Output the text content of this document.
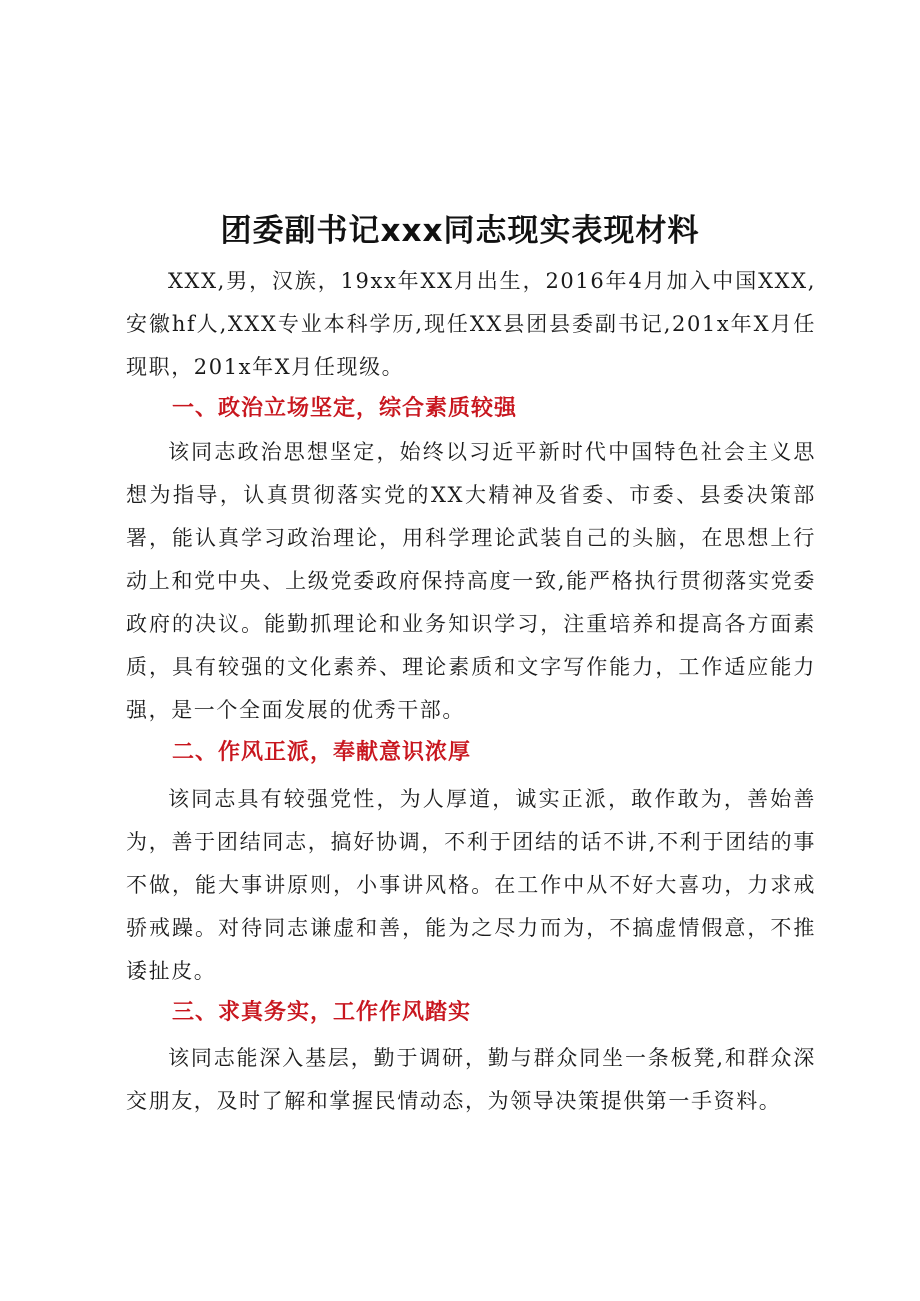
团委副书记xxx同志现实表现材料

XXX,男，汉族，19xx年XX月出生，2016年4月加入中国XXX,安徽hf人,XXX专业本科学历,现任XX县团县委副书记,201x年X月任现职，201x年X月任现级。

一、政治立场坚定，综合素质较强

该同志政治思想坚定，始终以习近平新时代中国特色社会主义思想为指导，认真贯彻落实党的XX大精神及省委、市委、县委决策部署，能认真学习政治理论，用科学理论武装自己的头脑，在思想上行动上和党中央、上级党委政府保持高度一致,能严格执行贯彻落实党委政府的决议。能勤抓理论和业务知识学习，注重培养和提高各方面素质，具有较强的文化素养、理论素质和文字写作能力，工作适应能力强，是一个全面发展的优秀干部。

二、作风正派，奉献意识浓厚

该同志具有较强党性，为人厚道，诚实正派，敢作敢为，善始善为，善于团结同志，搞好协调，不利于团结的话不讲,不利于团结的事不做，能大事讲原则，小事讲风格。在工作中从不好大喜功，力求戒骄戒躁。对待同志谦虚和善，能为之尽力而为，不搞虚情假意，不推诿扯皮。

三、求真务实，工作作风踏实

该同志能深入基层，勤于调研，勤与群众同坐一条板凳,和群众深交朋友，及时了解和掌握民情动态，为领导决策提供第一手资料。
